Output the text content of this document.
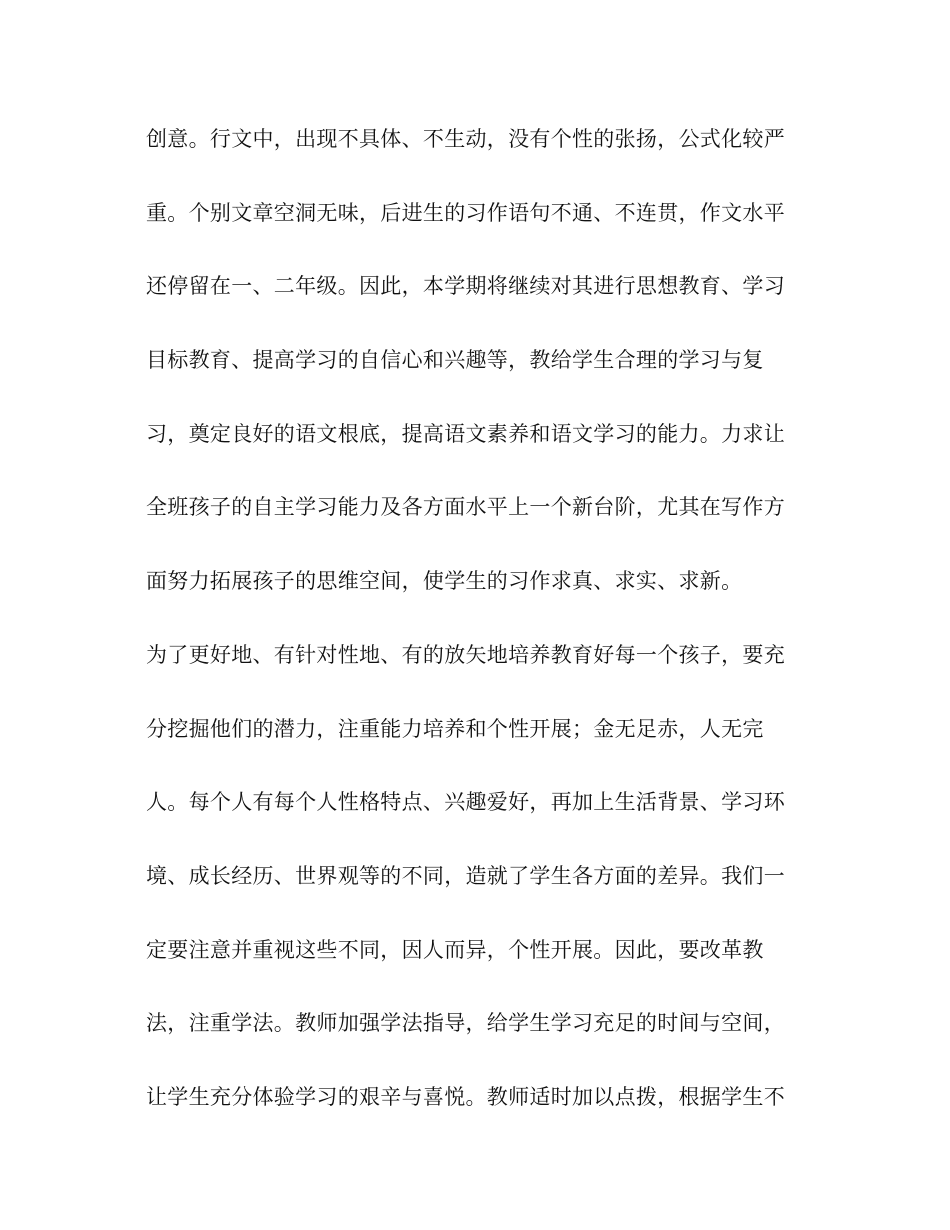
创意。行文中，出现不具体、不生动，没有个性的张扬，公式化较严
重。个别文章空洞无味，后进生的习作语句不通、不连贯，作文水平
还停留在一、二年级。因此，本学期将继续对其进行思想教育、学习
目标教育、提高学习的自信心和兴趣等，教给学生合理的学习与复
习，奠定良好的语文根底，提高语文素养和语文学习的能力。力求让
全班孩子的自主学习能力及各方面水平上一个新台阶，尤其在写作方
面努力拓展孩子的思维空间，使学生的习作求真、求实、求新。
为了更好地、有针对性地、有的放矢地培养教育好每一个孩子，要充
分挖掘他们的潜力，注重能力培养和个性开展；金无足赤，人无完
人。每个人有每个人性格特点、兴趣爱好，再加上生活背景、学习环
境、成长经历、世界观等的不同，造就了学生各方面的差异。我们一
定要注意并重视这些不同，因人而异，个性开展。因此，要改革教
法，注重学法。教师加强学法指导，给学生学习充足的时间与空间，
让学生充分体验学习的艰辛与喜悦。教师适时加以点拨，根据学生不
